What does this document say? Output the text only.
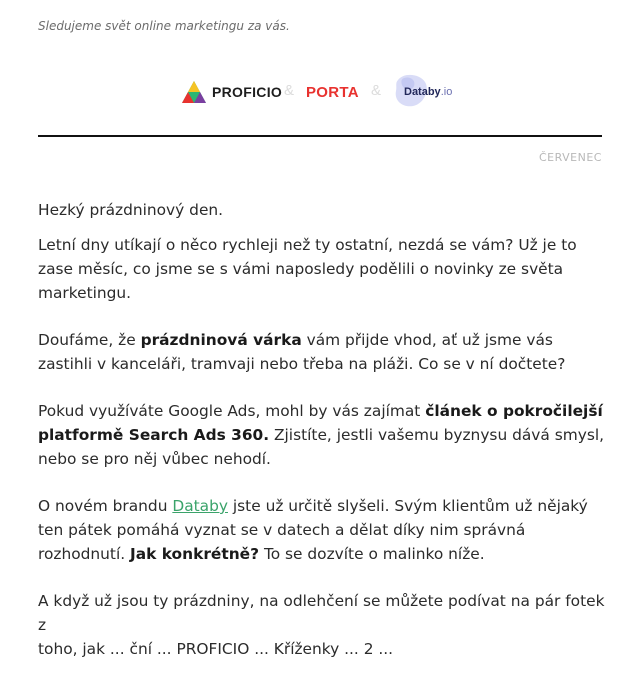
Sledujeme svět online marketingu za vás.
PROFICIO & PORTA & Databy.io
ČERVENEC

Hezký prázdninový den.

Letní dny utíkají o něco rychleji než ty ostatní, nezdá se vám? Už je to zase měsíc, co jsme se s vámi naposledy podělili o novinky ze světa marketingu.

Doufáme, že prázdninová várka vám přijde vhod, ať už jsme vás zastihli v kanceláři, tramvaji nebo třeba na pláži. Co se v ní dočtete?

Pokud využíváte Google Ads, mohl by vás zajímat článek o pokročilejší platformě Search Ads 360. Zjistíte, jestli vašemu byznysu dává smysl, nebo se pro něj vůbec nehodí.

O novém brandu Databy jste už určitě slyšeli. Svým klientům už nějaký ten pátek pomáhá vyznat se v datech a dělat díky nim správná rozhodnutí. Jak konkrétně? To se dozvíte o malinko níže.

A když už jsou ty prázdniny, na odlehčení se můžete podívat na pár fotek z
toho, jak ... ční ... PROFICIO ... Kříženky ... 2 ...
